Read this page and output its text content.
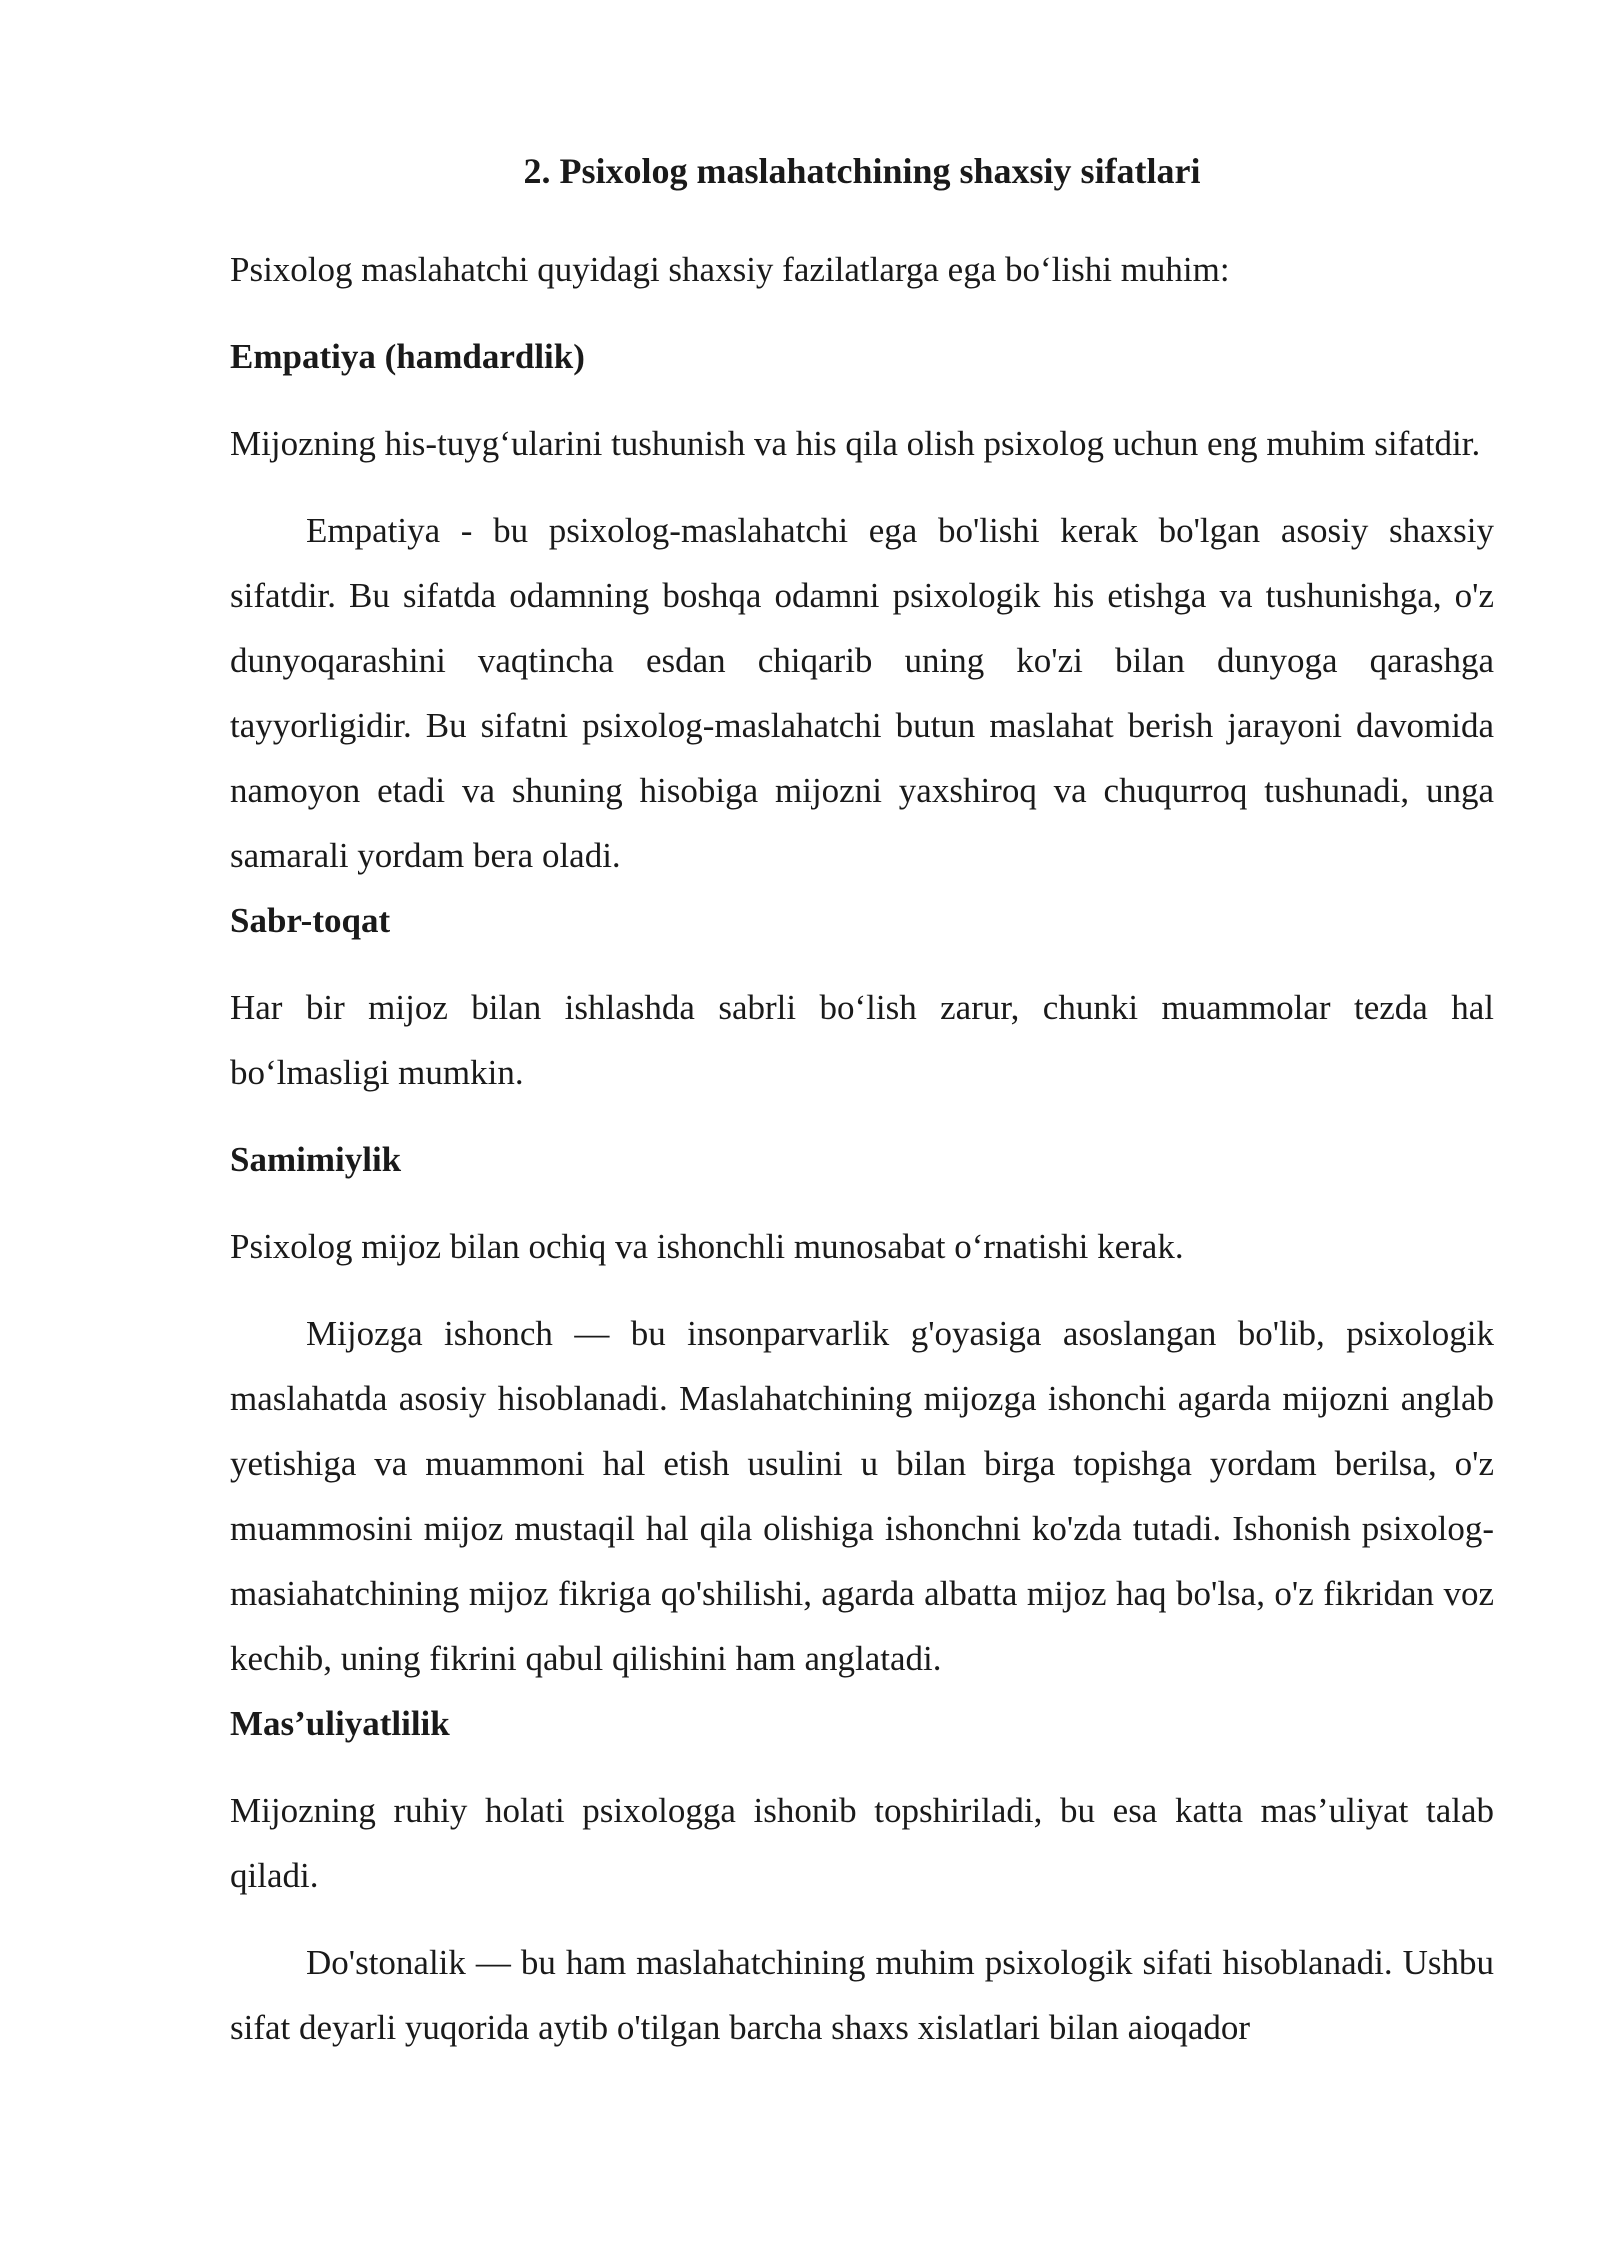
2. Psixolog maslahatchining shaxsiy sifatlari

Psixolog maslahatchi quyidagi shaxsiy fazilatlarga ega bo‘lishi muhim:

Empatiya (hamdardlik)

Mijozning his-tuyg‘ularini tushunish va his qila olish psixolog uchun eng muhim sifatdir.

Empatiya - bu psixolog-maslahatchi ega bo'lishi kerak bo'lgan asosiy shaxsiy sifatdir. Bu sifatda odamning boshqa odamni psixologik his etishga va tushunishga, o'z dunyoqarashini vaqtincha esdan chiqarib uning ko'zi bilan dunyoga qarashga tayyorligidir. Bu sifatni psixolog-maslahatchi butun maslahat berish jarayoni davomida namoyon etadi va shuning hisobiga mijozni yaxshiroq va chuqurroq tushunadi, unga samarali yordam bera oladi.

Sabr-toqat

Har bir mijoz bilan ishlashda sabrli bo‘lish zarur, chunki muammolar tezda hal bo‘lmasligi mumkin.

Samimiylik

Psixolog mijoz bilan ochiq va ishonchli munosabat o‘rnatishi kerak.

Mijozga ishonch — bu insonparvarlik g'oyasiga asoslangan bo'lib, psixologik maslahatda asosiy hisoblanadi. Maslahatchining mijozga ishonchi agarda mijozni anglab yetishiga va muammoni hal etish usulini u bilan birga topishga yordam berilsa, o'z muammosini mijoz mustaqil hal qila olishiga ishonchni ko'zda tutadi. Ishonish psixolog-masiahatchining mijoz fikriga qo'shilishi, agarda albatta mijoz haq bo'lsa, o'z fikridan voz kechib, uning fikrini qabul qilishini ham anglatadi.

Mas’uliyatlilik

Mijozning ruhiy holati psixologga ishonib topshiriladi, bu esa katta mas’uliyat talab qiladi.

Do'stonalik — bu ham maslahatchining muhim psixologik sifati hisoblanadi. Ushbu sifat deyarli yuqorida aytib o'tilgan barcha shaxs xislatlari bilan aioqador
